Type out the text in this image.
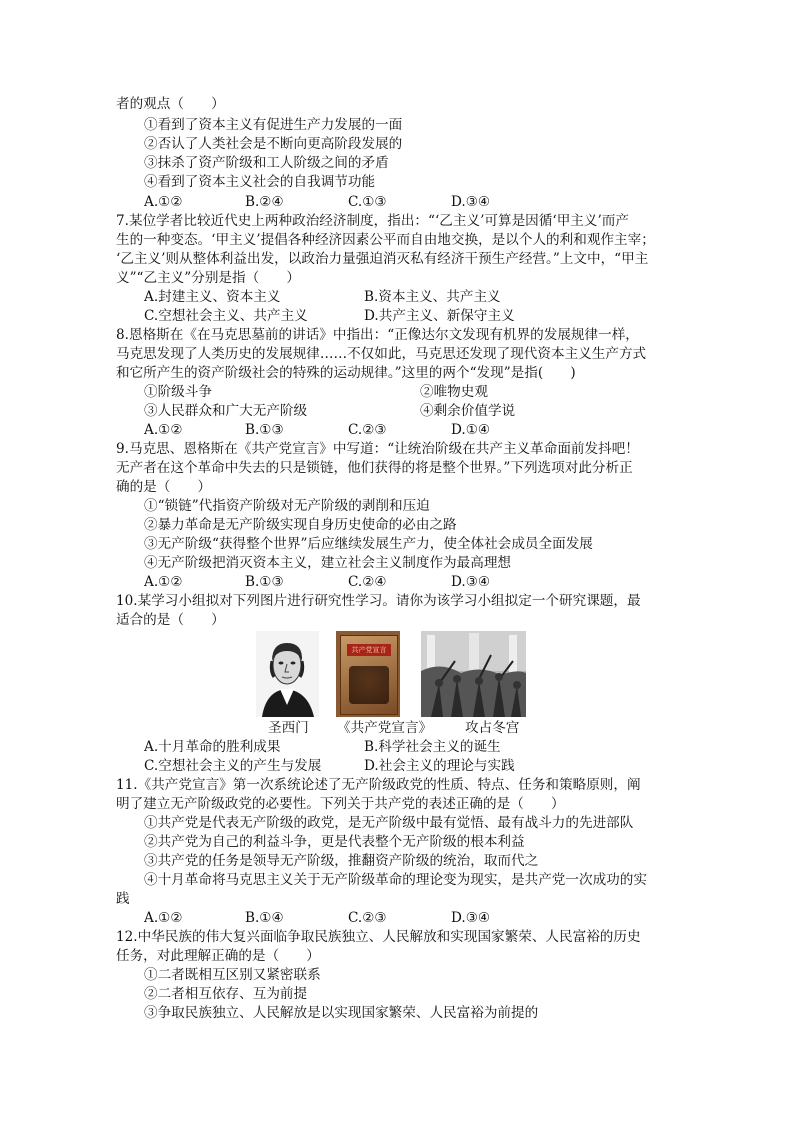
者的观点（　　）
①看到了资本主义有促进生产力发展的一面
②否认了人类社会是不断向更高阶段发展的
③抹杀了资产阶级和工人阶级之间的矛盾
④看到了资本主义社会的自我调节功能
A.①②	B.②④	C.①③	D.③④
7.某位学者比较近代史上两种政治经济制度，指出：“‘乙主义’可算是因循‘甲主义’而产
生的一种变态。‘甲主义’提倡各种经济因素公平而自由地交换，是以个人的利和观作主宰；
‘乙主义’则从整体利益出发，以政治力量强迫消灭私有经济干预生产经营。”上文中，“甲主
义”“乙主义”分别是指（　　）
A.封建主义、资本主义	B.资本主义、共产主义
C.空想社会主义、共产主义	D.共产主义、新保守主义
8.恩格斯在《在马克思墓前的讲话》中指出：“正像达尔文发现有机界的发展规律一样，
马克思发现了人类历史的发展规律……不仅如此，马克思还发现了现代资本主义生产方式
和它所产生的资产阶级社会的特殊的运动规律。”这里的两个“发现”是指(　　)
①阶级斗争	②唯物史观
③人民群众和广大无产阶级	④剩余价值学说
A.①②	B.①③	C.②③	D.①④
9.马克思、恩格斯在《共产党宣言》中写道：“让统治阶级在共产主义革命面前发抖吧！
无产者在这个革命中失去的只是锁链，他们获得的将是整个世界。”下列选项对此分析正
确的是（　　）
①“锁链”代指资产阶级对无产阶级的剥削和压迫
②暴力革命是无产阶级实现自身历史使命的必由之路
③无产阶级“获得整个世界”后应继续发展生产力，使全体社会成员全面发展
④无产阶级把消灭资本主义，建立社会主义制度作为最高理想
A.①②	B.①③	C.②④	D.③④
10.某学习小组拟对下列图片进行研究性学习。请你为该学习小组拟定一个研究课题，最
适合的是（　　）
共产党宣言
圣西门 《共产党宣言》 攻占冬宫
A.十月革命的胜利成果	B.科学社会主义的诞生
C.空想社会主义的产生与发展	D.社会主义的理论与实践
11.《共产党宣言》第一次系统论述了无产阶级政党的性质、特点、任务和策略原则，阐
明了建立无产阶级政党的必要性。下列关于共产党的表述正确的是（　　）
①共产党是代表无产阶级的政党，是无产阶级中最有觉悟、最有战斗力的先进部队
②共产党为自己的利益斗争，更是代表整个无产阶级的根本利益
③共产党的任务是领导无产阶级，推翻资产阶级的统治，取而代之
④十月革命将马克思主义关于无产阶级革命的理论变为现实，是共产党一次成功的实
践
A.①②	B.①④	C.②③	D.③④
12.中华民族的伟大复兴面临争取民族独立、人民解放和实现国家繁荣、人民富裕的历史
任务，对此理解正确的是（　　）
①二者既相互区别又紧密联系
②二者相互依存、互为前提
③争取民族独立、人民解放是以实现国家繁荣、人民富裕为前提的
